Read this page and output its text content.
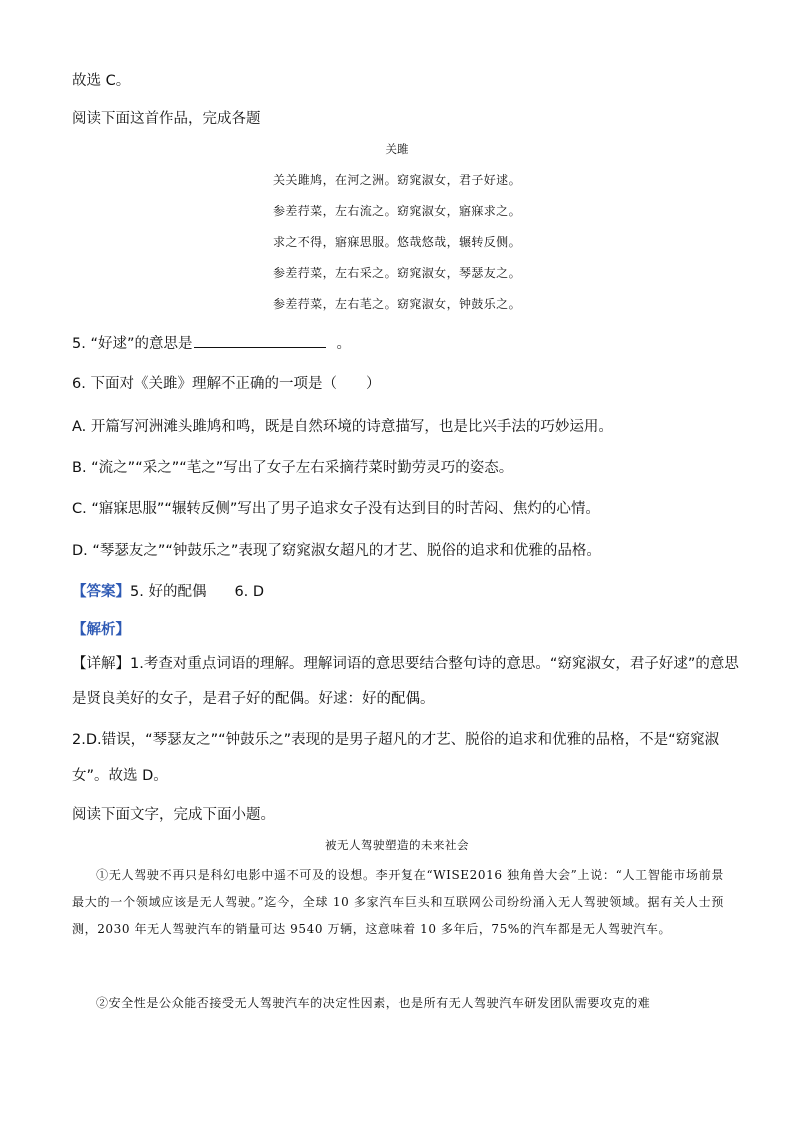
故选 C。
阅读下面这首作品，完成各题
关雎
关关雎鸠，在河之洲。窈窕淑女，君子好逑。
参差荇菜，左右流之。窈窕淑女，寤寐求之。
求之不得，寤寐思服。悠哉悠哉，辗转反侧。
参差荇菜，左右采之。窈窕淑女，琴瑟友之。
参差荇菜，左右芼之。窈窕淑女，钟鼓乐之。
5. “好逑”的意思是	。
6. 下面对《关雎》理解不正确的一项是（　　）
A. 开篇写河洲滩头雎鸠和鸣，既是自然环境的诗意描写，也是比兴手法的巧妙运用。
B. “流之”“采之”“芼之”写出了女子左右采摘荇菜时勤劳灵巧的姿态。
C. “寤寐思服”“辗转反侧”写出了男子追求女子没有达到目的时苦闷、焦灼的心情。
D. “琴瑟友之”“钟鼓乐之”表现了窈窕淑女超凡的才艺、脱俗的追求和优雅的品格。
【答案】5. 好的配偶 6. D
【解析】
【详解】1.考查对重点词语的理解。理解词语的意思要结合整句诗的意思。“窈窕淑女，君子好逑”的意思
是贤良美好的女子，是君子好的配偶。好逑：好的配偶。
2.D.错误，“琴瑟友之”“钟鼓乐之”表现的是男子超凡的才艺、脱俗的追求和优雅的品格，不是“窈窕淑
女”。故选 D。
阅读下面文字，完成下面小题。
被无人驾驶塑造的未来社会
①无人驾驶不再只是科幻电影中遥不可及的设想。李开复在“WISE2016 独角兽大会”上说：“人工智能市场前景最大的一个领域应该是无人驾驶。”迄今，全球 10 多家汽车巨头和互联网公司纷纷涌入无人驾驶领域。据有关人士预测，2030 年无人驾驶汽车的销量可达 9540 万辆，这意味着 10 多年后，75%的汽车都是无人驾驶汽车。
②安全性是公众能否接受无人驾驶汽车的决定性因素，也是所有无人驾驶汽车研发团队需要攻克的难
